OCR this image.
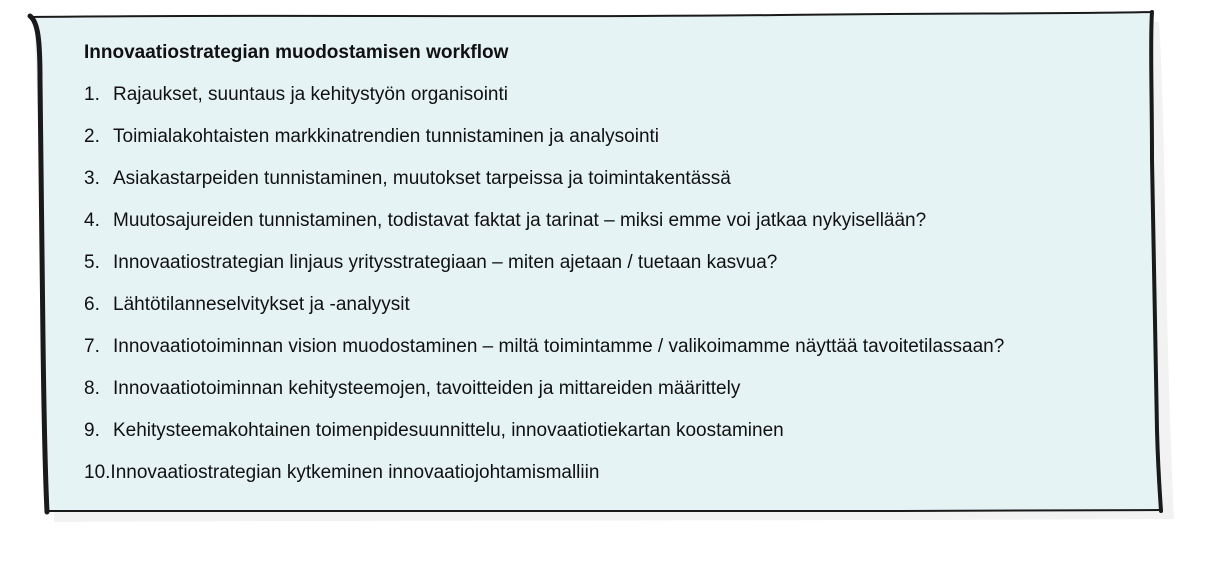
Innovaatiostrategian muodostamisen workflow
1. Rajaukset, suuntaus ja kehitystyön organisointi
2. Toimialakohtaisten markkinatrendien tunnistaminen ja analysointi
3. Asiakastarpeiden tunnistaminen, muutokset tarpeissa ja toimintakentässä
4. Muutosajureiden tunnistaminen, todistavat faktat ja tarinat – miksi emme voi jatkaa nykyisellään?
5. Innovaatiostrategian linjaus yritysstrategiaan – miten ajetaan / tuetaan kasvua?
6. Lähtötilanneselvitykset ja -analyysit
7. Innovaatiotoiminnan vision muodostaminen – miltä toimintamme / valikoimamme näyttää tavoitetilassaan?
8. Innovaatiotoiminnan kehitysteemojen, tavoitteiden ja mittareiden määrittely
9. Kehitysteemakohtainen toimenpidesuunnittelu, innovaatiotiekartan koostaminen
10. Innovaatiostrategian kytkeminen innovaatiojohtamismalliin
